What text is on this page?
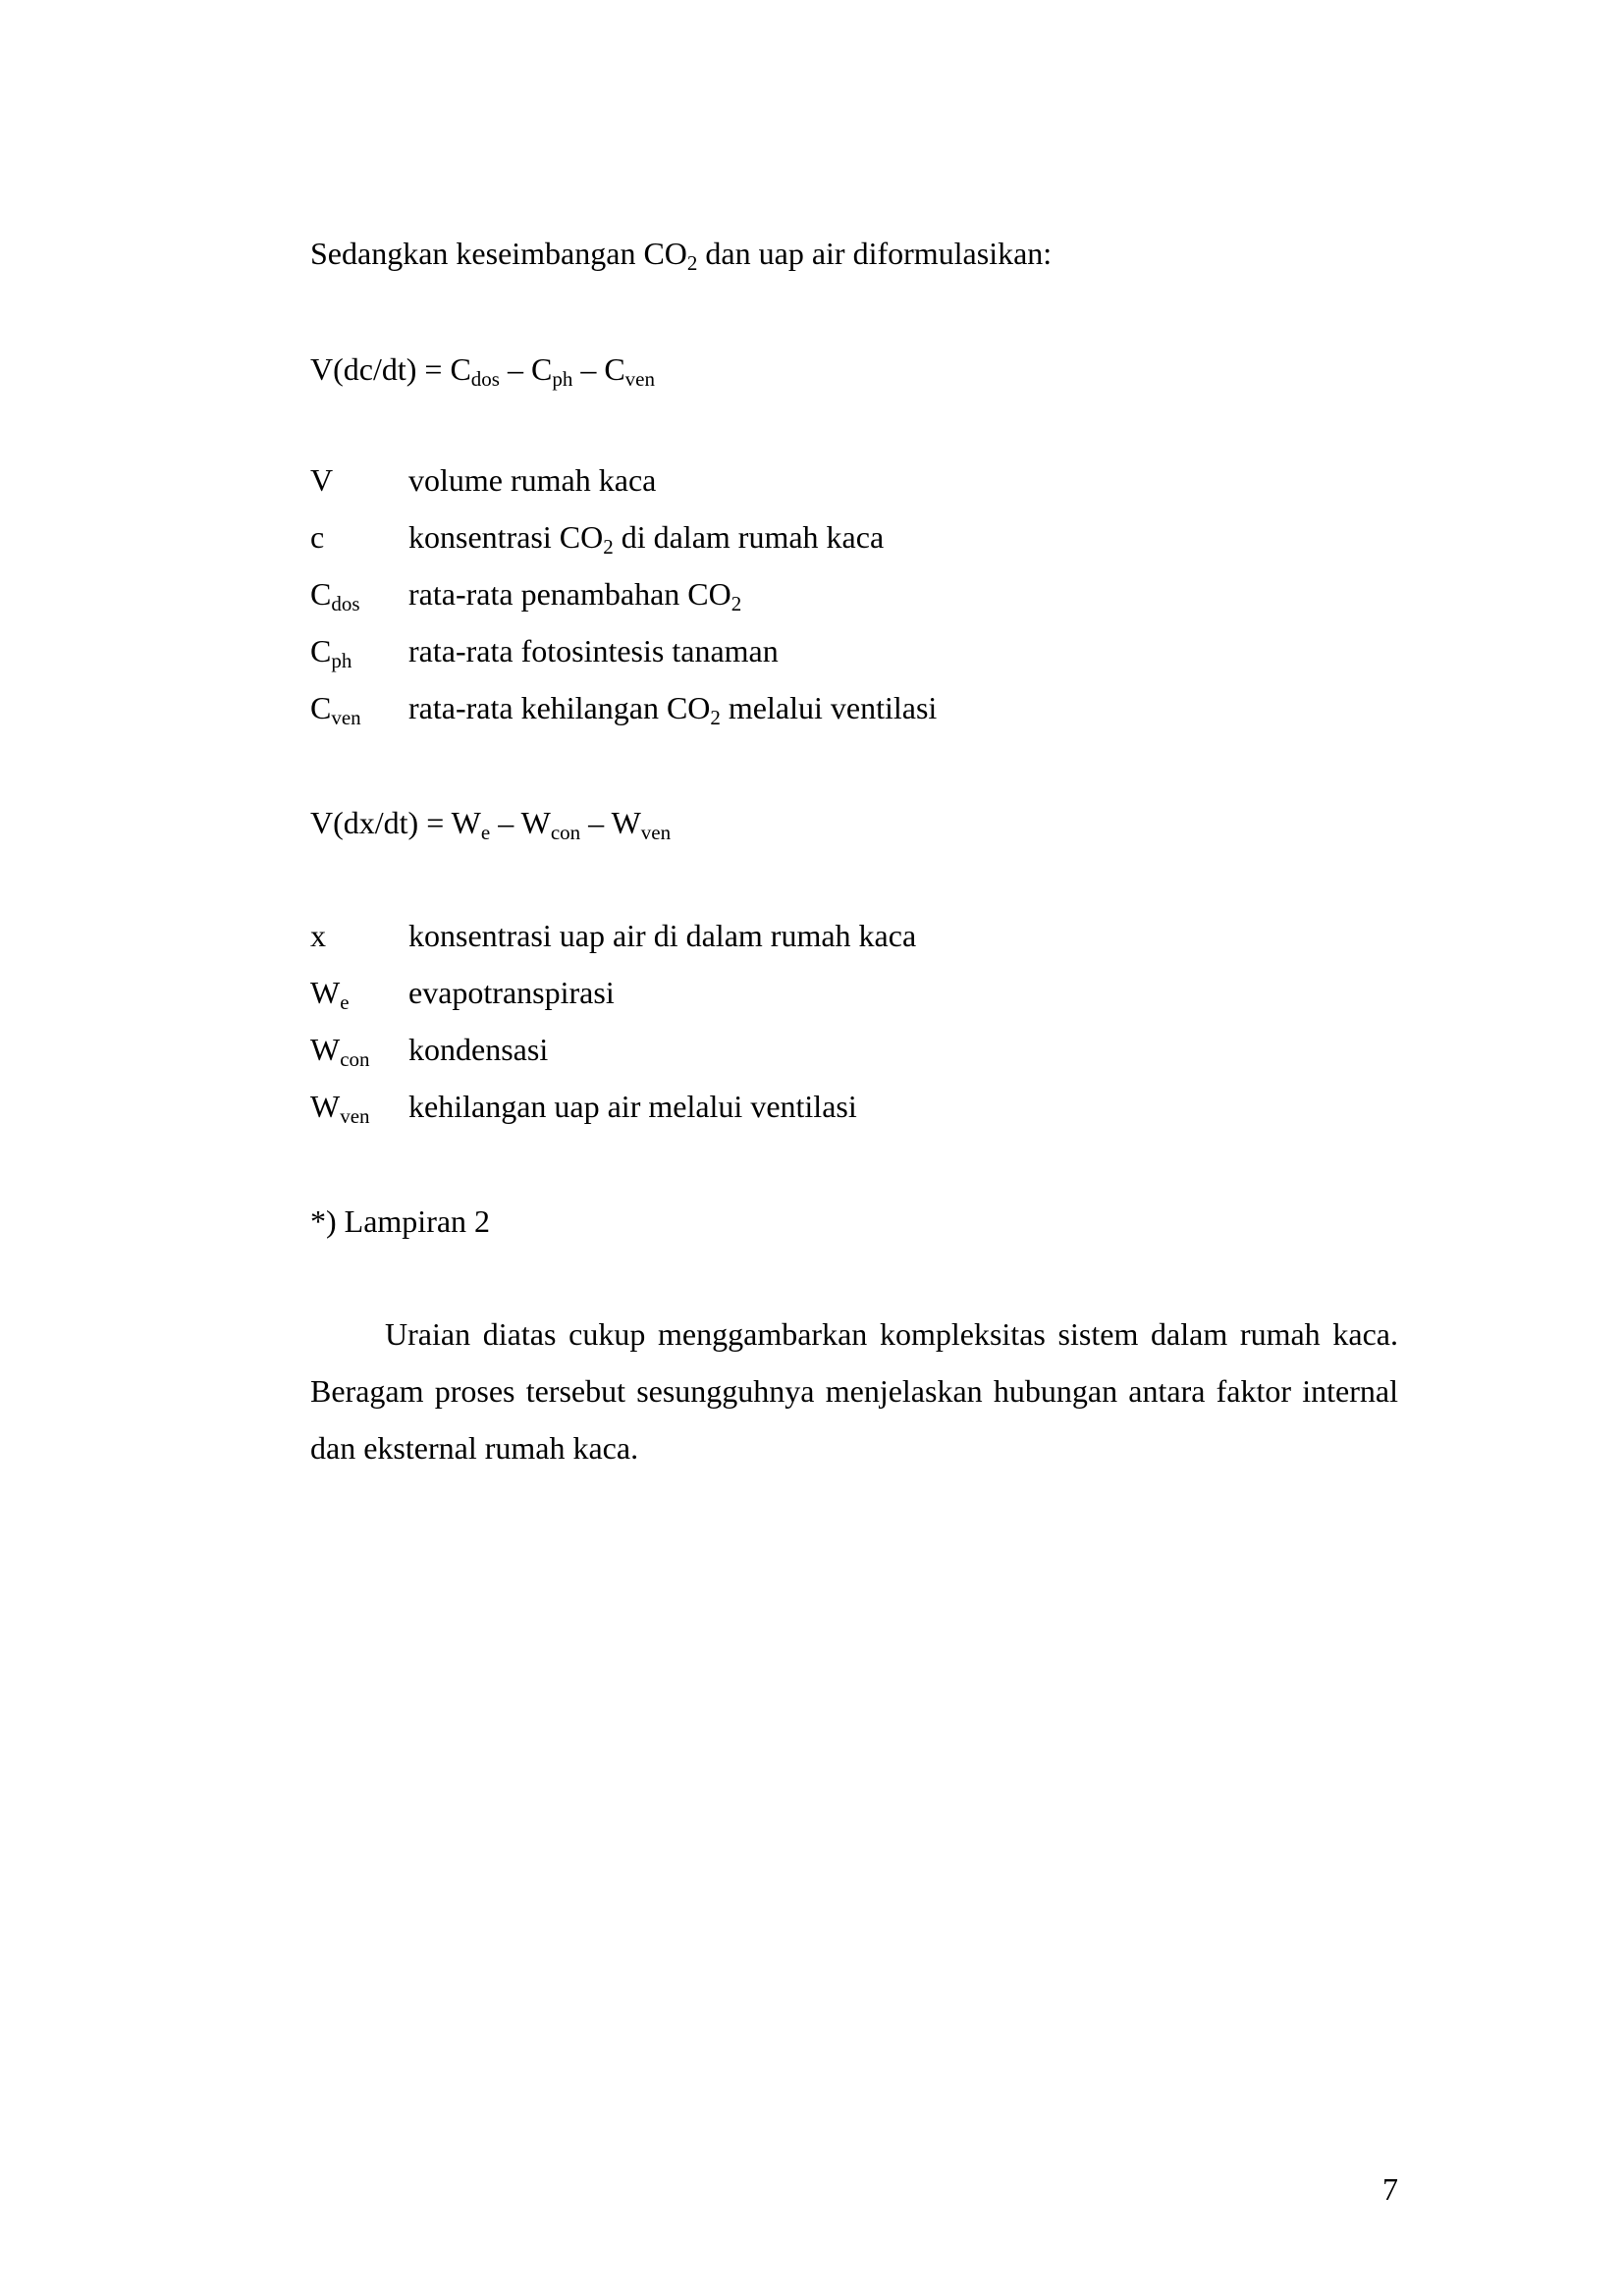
Sedangkan keseimbangan $CO_2$ dan uap air diformulasikan:
$V(dc/dt) = C_{dos} - C_{ph} - C_{ven}$
V volume rumah kaca
c	konsentrasi $CO_2$ di dalam rumah kaca
$C_{dos}$ rata-rata penambahan $CO_2$
$C_{ph}$ rata-rata fotosintesis tanaman
$C_{ven}$ rata-rata kehilangan $CO_2$ melalui ventilasi
$V(dx/dt) = W_e - W_{con} - W_{ven}$
x	konsentrasi uap air di dalam rumah kaca
$W_e$ evapotranspirasi
$W_{con}$ kondensasi
$W_{ven}$ kehilangan uap air melalui ventilasi
*) Lampiran 2
Uraian diatas cukup menggambarkan kompleksitas sistem dalam rumah kaca. Beragam proses tersebut sesungguhnya menjelaskan hubungan antara faktor internal dan eksternal rumah kaca.
7
